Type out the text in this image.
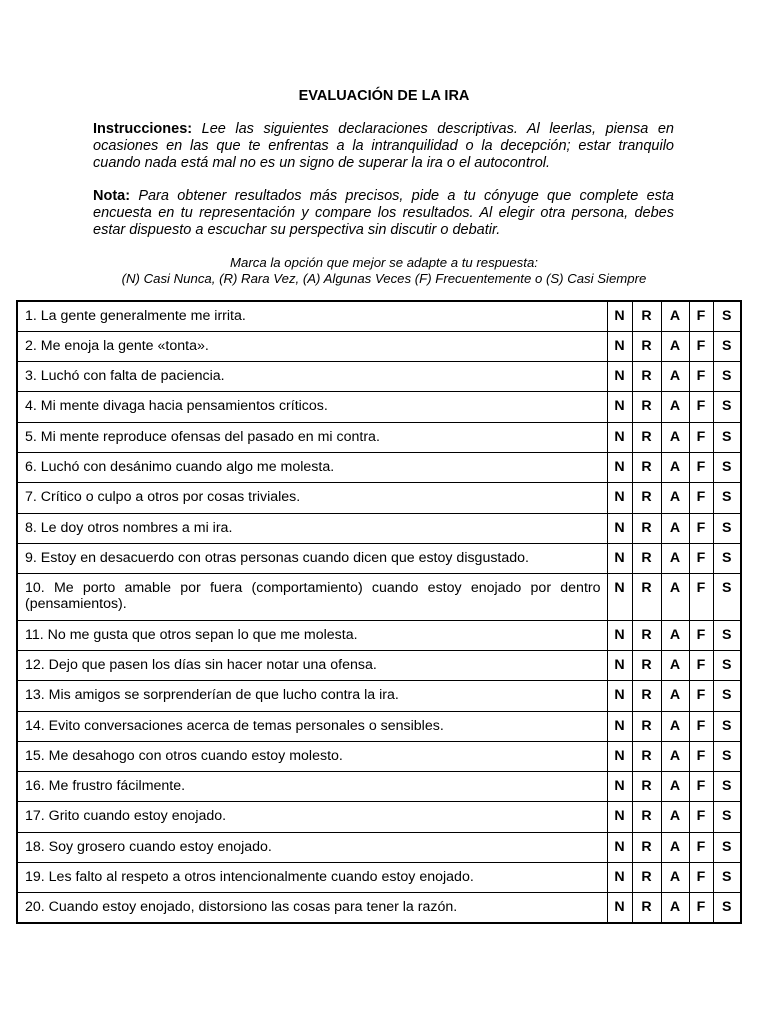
EVALUACIÓN DE LA IRA
Instrucciones: Lee las siguientes declaraciones descriptivas. Al leerlas, piensa en ocasiones en las que te enfrentas a la intranquilidad o la decepción; estar tranquilo cuando nada está mal no es un signo de superar la ira o el autocontrol.
Nota: Para obtener resultados más precisos, pide a tu cónyuge que complete esta encuesta en tu representación y compare los resultados. Al elegir otra persona, debes estar dispuesto a escuchar su perspectiva sin discutir o debatir.
Marca la opción que mejor se adapte a tu respuesta:
(N) Casi Nunca, (R) Rara Vez, (A) Algunas Veces (F) Frecuentemente o (S) Casi Siempre
1. La gente generalmente me irrita.	N	R	A	F	S

2. Me enoja la gente «tonta».	N	R	A	F	S

3. Luchó con falta de paciencia.	N	R	A	F	S

4. Mi mente divaga hacia pensamientos críticos.	N	R	A	F	S

5. Mi mente reproduce ofensas del pasado en mi contra.	N	R	A	F	S

6. Luchó con desánimo cuando algo me molesta.	N	R	A	F	S

7. Crítico o culpo a otros por cosas triviales.	N	R	A	F	S

8. Le doy otros nombres a mi ira.	N	R	A	F	S

9. Estoy en desacuerdo con otras personas cuando dicen que estoy disgustado.	N	R	A	F	S

10. Me porto amable por fuera (comportamiento) cuando estoy enojado por dentro (pensamientos).	N	R	A	F	S

11. No me gusta que otros sepan lo que me molesta.	N	R	A	F	S

12. Dejo que pasen los días sin hacer notar una ofensa.	N	R	A	F	S

13. Mis amigos se sorprenderían de que lucho contra la ira.	N	R	A	F	S

14. Evito conversaciones acerca de temas personales o sensibles.	N	R	A	F	S

15. Me desahogo con otros cuando estoy molesto.	N	R	A	F	S

16. Me frustro fácilmente.	N	R	A	F	S

17. Grito cuando estoy enojado.	N	R	A	F	S

18. Soy grosero cuando estoy enojado.	N	R	A	F	S

19. Les falto al respeto a otros intencionalmente cuando estoy enojado.	N	R	A	F	S

20. Cuando estoy enojado, distorsiono las cosas para tener la razón.	N	R	A	F	S
